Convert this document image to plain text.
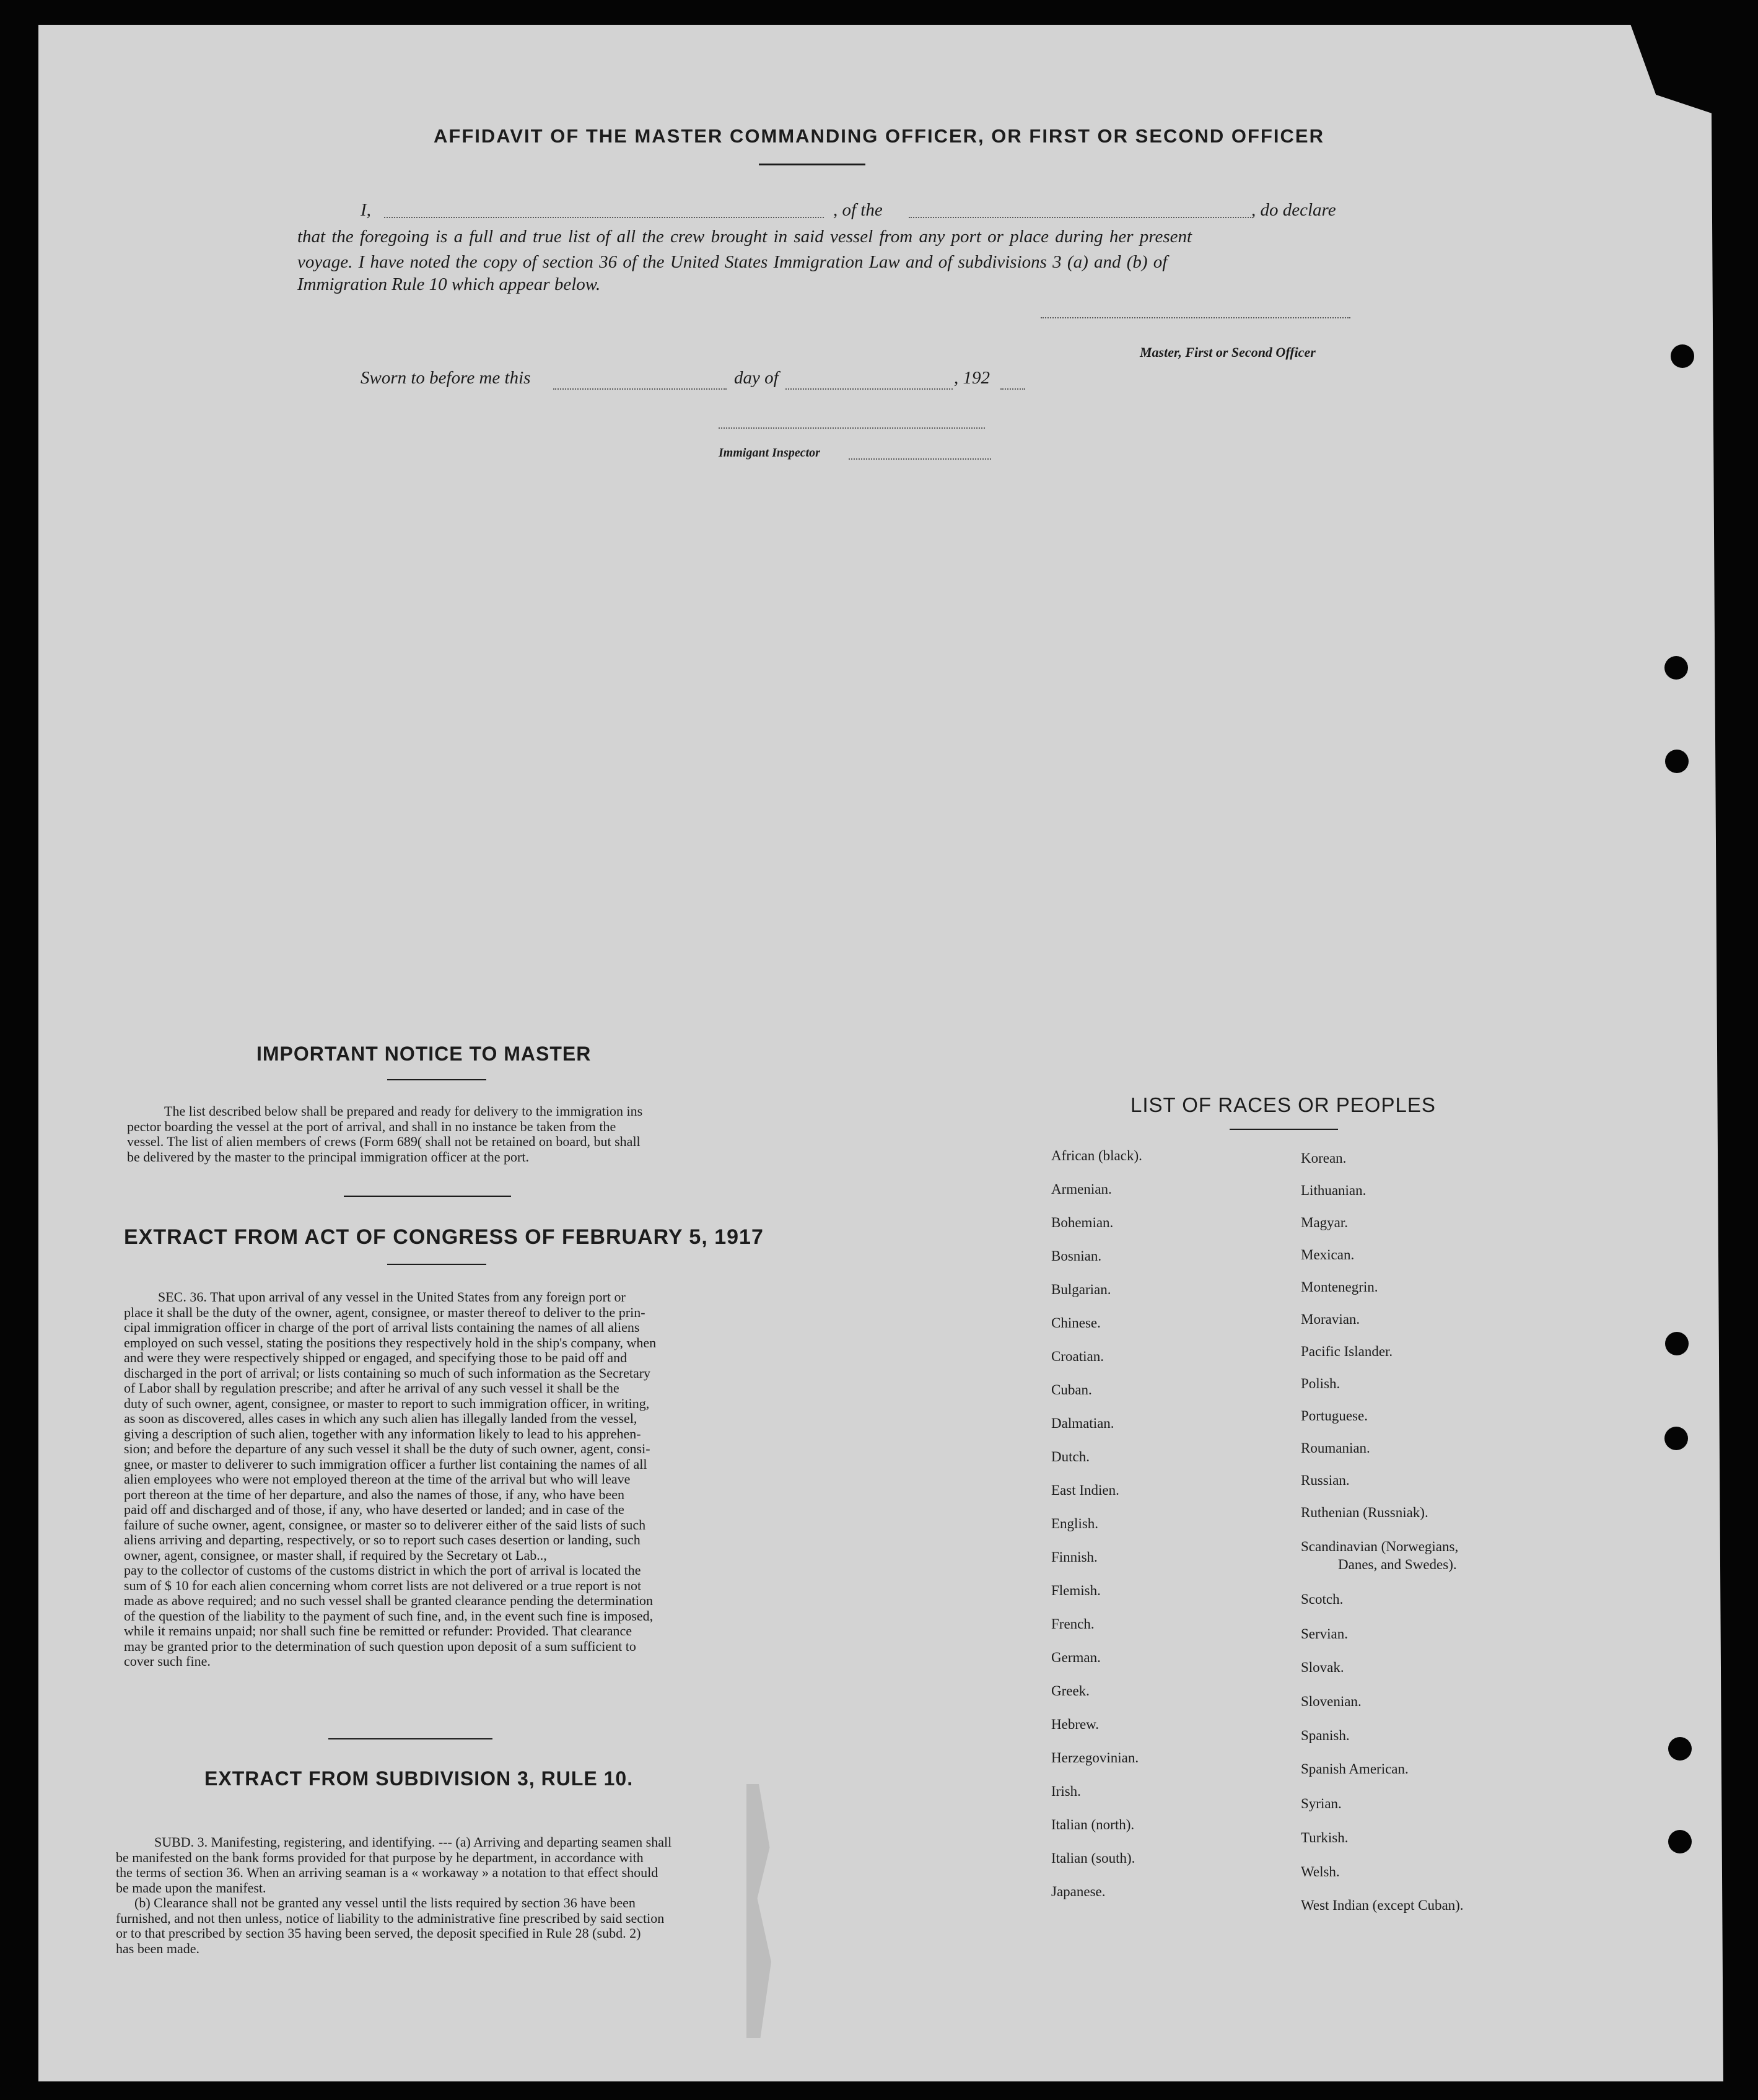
AFFIDAVIT OF THE MASTER COMMANDING OFFICER, OR FIRST OR SECOND OFFICER
I,	, of the	, do declare
that the foregoing is a full and true list of all the crew brought in said vessel from any port or place during her present
voyage. I have noted the copy of section 36 of the United States Immigration Law and of subdivisions 3 (a) and (b) of
Immigration Rule 10 which appear below.
Master, First or Second Officer
Sworn to before me this	day of	, 192
Immigant Inspector
IMPORTANT NOTICE TO MASTER
The list described below shall be prepared and ready for delivery to the immigration ins
pector boarding the vessel at the port of arrival, and shall in no instance be taken from the
vessel. The list of alien members of crews (Form 689( shall not be retained on board, but shall
be delivered by the master to the principal immigration officer at the port.
EXTRACT FROM ACT OF CONGRESS OF FEBRUARY 5, 1917
SEC. 36. That upon arrival of any vessel in the United States from any foreign port or
place it shall be the duty of the owner, agent, consignee, or master thereof to deliver to the prin-
cipal immigration officer in charge of the port of arrival lists containing the names of all aliens
employed on such vessel, stating the positions they respectively hold in the ship's company, when
and were they were respectively shipped or engaged, and specifying those to be paid off and
discharged in the port of arrival; or lists containing so much of such information as the Secretary
of Labor shall by regulation prescribe; and after he arrival of any such vessel it shall be the
duty of such owner, agent, consignee, or master to report to such immigration officer, in writing,
as soon as discovered, alles cases in which any such alien has illegally landed from the vessel,
giving a description of such alien, together with any information likely to lead to his apprehen-
sion; and before the departure of any such vessel it shall be the duty of such owner, agent, consi-
gnee, or master to deliverer to such immigration officer a further list containing the names of all
alien employees who were not employed thereon at the time of the arrival but who will leave
port thereon at the time of her departure, and also the names of those, if any, who have been
paid off and discharged and of those, if any, who have deserted or landed; and in case of the
failure of suche owner, agent, consignee, or master so to deliverer either of the said lists of such
aliens arriving and departing, respectively, or so to report such cases desertion or landing, such
owner, agent, consignee, or master shall, if required by the Secretary ot Lab..,
pay to the collector of customs of the customs district in which the port of arrival is located the
sum of $ 10 for each alien concerning whom corret lists are not delivered or a true report is not
made as above required; and no such vessel shall be granted clearance pending the determination
of the question of the liability to the payment of such fine, and, in the event such fine is imposed,
while it remains unpaid; nor shall such fine be remitted or refunder: Provided. That clearance
may be granted prior to the determination of such question upon deposit of a sum sufficient to
cover such fine.
EXTRACT FROM SUBDIVISION 3, RULE 10.
SUBD. 3. Manifesting, registering, and identifying. --- (a) Arriving and departing seamen shall
be manifested on the bank forms provided for that purpose by he department, in accordance with
the terms of section 36. When an arriving seaman is a « workaway » a notation to that effect should
be made upon the manifest.
(b) Clearance shall not be granted any vessel until the lists required by section 36 have been
furnished, and not then unless, notice of liability to the administrative fine prescribed by said section
or to that prescribed by section 35 having been served, the deposit specified in Rule 28 (subd. 2)
has been made.
LIST OF RACES OR PEOPLES
African (black).
Armenian.
Bohemian.
Bosnian.
Bulgarian.
Chinese.
Croatian.
Cuban.
Dalmatian.
Dutch.
East Indien.
English.
Finnish.
Flemish.
French.
German.
Greek.
Hebrew.
Herzegovinian.
Irish.
Italian (north).
Italian (south).
Japanese.
Korean.
Lithuanian.
Magyar.
Mexican.
Montenegrin.
Moravian.
Pacific Islander.
Polish.
Portuguese.
Roumanian.
Russian.
Ruthenian (Russniak).
Scandinavian (Norwegians,
Danes, and Swedes).
Scotch.
Servian.
Slovak.
Slovenian.
Spanish.
Spanish American.
Syrian.
Turkish.
Welsh.
West Indian (except Cuban).
